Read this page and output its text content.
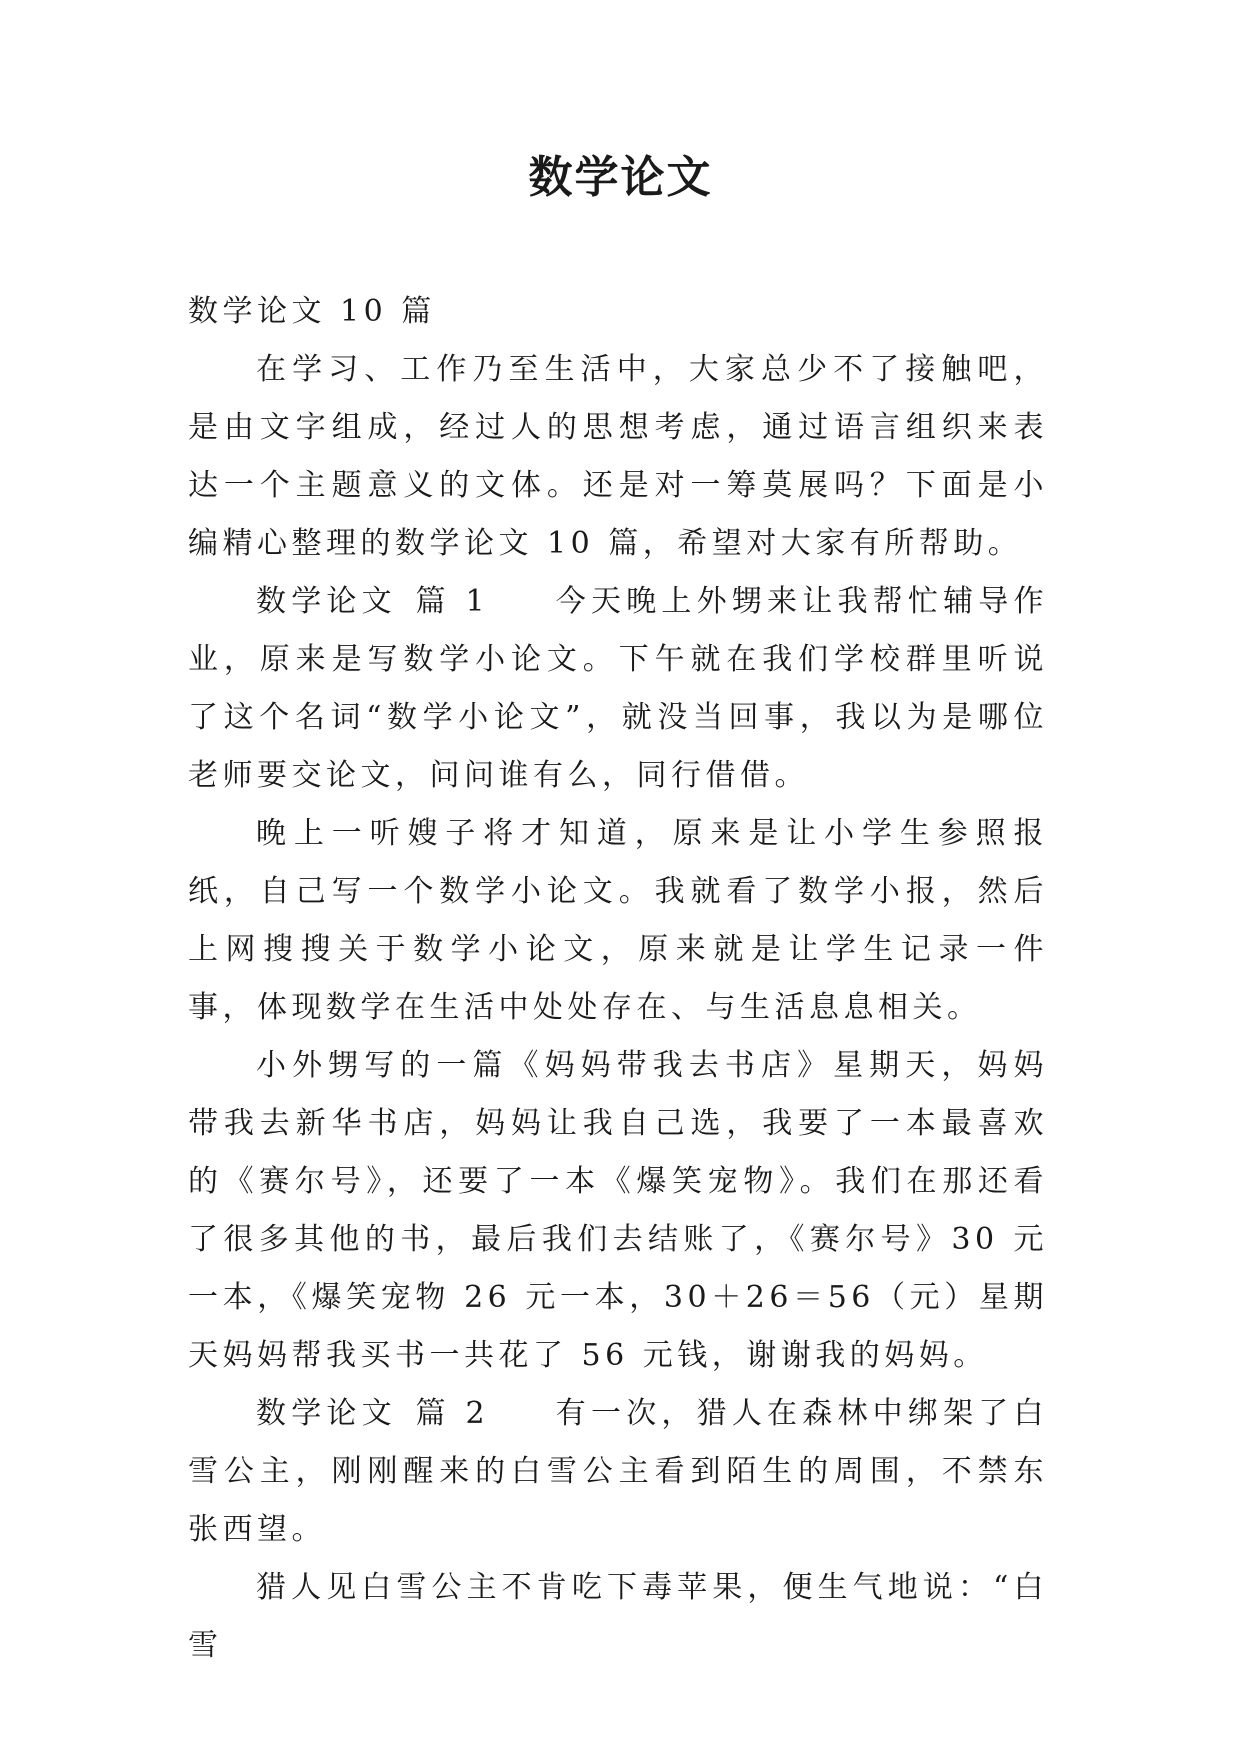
数学论文

数学论文 10 篇

在学习、工作乃至生活中，大家总少不了接触吧，是由文字组成，经过人的思想考虑，通过语言组织来表达一个主题意义的文体。还是对一筹莫展吗？下面是小编精心整理的数学论文 10 篇，希望对大家有所帮助。

数学论文 篇 1 今天晚上外甥来让我帮忙辅导作业，原来是写数学小论文。下午就在我们学校群里听说了这个名词“数学小论文”，就没当回事，我以为是哪位老师要交论文，问问谁有么，同行借借。

晚上一听嫂子将才知道，原来是让小学生参照报纸，自己写一个数学小论文。我就看了数学小报，然后上网搜搜关于数学小论文，原来就是让学生记录一件事，体现数学在生活中处处存在、与生活息息相关。

小外甥写的一篇《妈妈带我去书店》星期天，妈妈带我去新华书店，妈妈让我自己选，我要了一本最喜欢的《赛尔号》，还要了一本《爆笑宠物》。我们在那还看了很多其他的书，最后我们去结账了，《赛尔号》30 元一本，《爆笑宠物 26 元一本，30＋26＝56（元）星期天妈妈帮我买书一共花了 56 元钱，谢谢我的妈妈。

数学论文 篇 2 有一次，猎人在森林中绑架了白雪公主，刚刚醒来的白雪公主看到陌生的周围，不禁东张西望。

猎人见白雪公主不肯吃下毒苹果，便生气地说：“白雪
